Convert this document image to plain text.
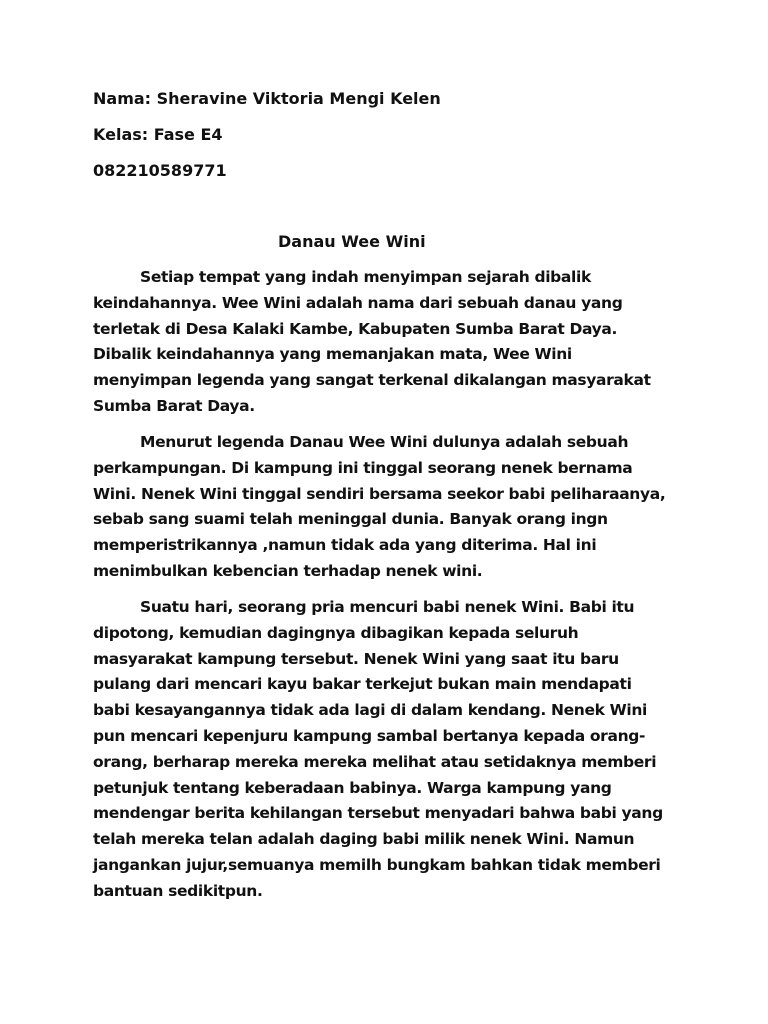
Nama: Sheravine Viktoria Mengi Kelen
Kelas: Fase E4
082210589771
Danau Wee Wini
Setiap tempat yang indah menyimpan sejarah dibalik
keindahannya. Wee Wini adalah nama dari sebuah danau yang
terletak di Desa Kalaki Kambe, Kabupaten Sumba Barat Daya.
Dibalik keindahannya yang memanjakan mata, Wee Wini
menyimpan legenda yang sangat terkenal dikalangan masyarakat
Sumba Barat Daya.
Menurut legenda Danau Wee Wini dulunya adalah sebuah
perkampungan. Di kampung ini tinggal seorang nenek bernama
Wini. Nenek Wini tinggal sendiri bersama seekor babi peliharaanya,
sebab sang suami telah meninggal dunia. Banyak orang ingn
memperistrikannya ,namun tidak ada yang diterima. Hal ini
menimbulkan kebencian terhadap nenek wini.
Suatu hari, seorang pria mencuri babi nenek Wini. Babi itu
dipotong, kemudian dagingnya dibagikan kepada seluruh
masyarakat kampung tersebut. Nenek Wini yang saat itu baru
pulang dari mencari kayu bakar terkejut bukan main mendapati
babi kesayangannya tidak ada lagi di dalam kendang. Nenek Wini
pun mencari kepenjuru kampung sambal bertanya kepada orang-
orang, berharap mereka mereka melihat atau setidaknya memberi
petunjuk tentang keberadaan babinya. Warga kampung yang
mendengar berita kehilangan tersebut menyadari bahwa babi yang
telah mereka telan adalah daging babi milik nenek Wini. Namun
jangankan jujur,semuanya memilh bungkam bahkan tidak memberi
bantuan sedikitpun.
